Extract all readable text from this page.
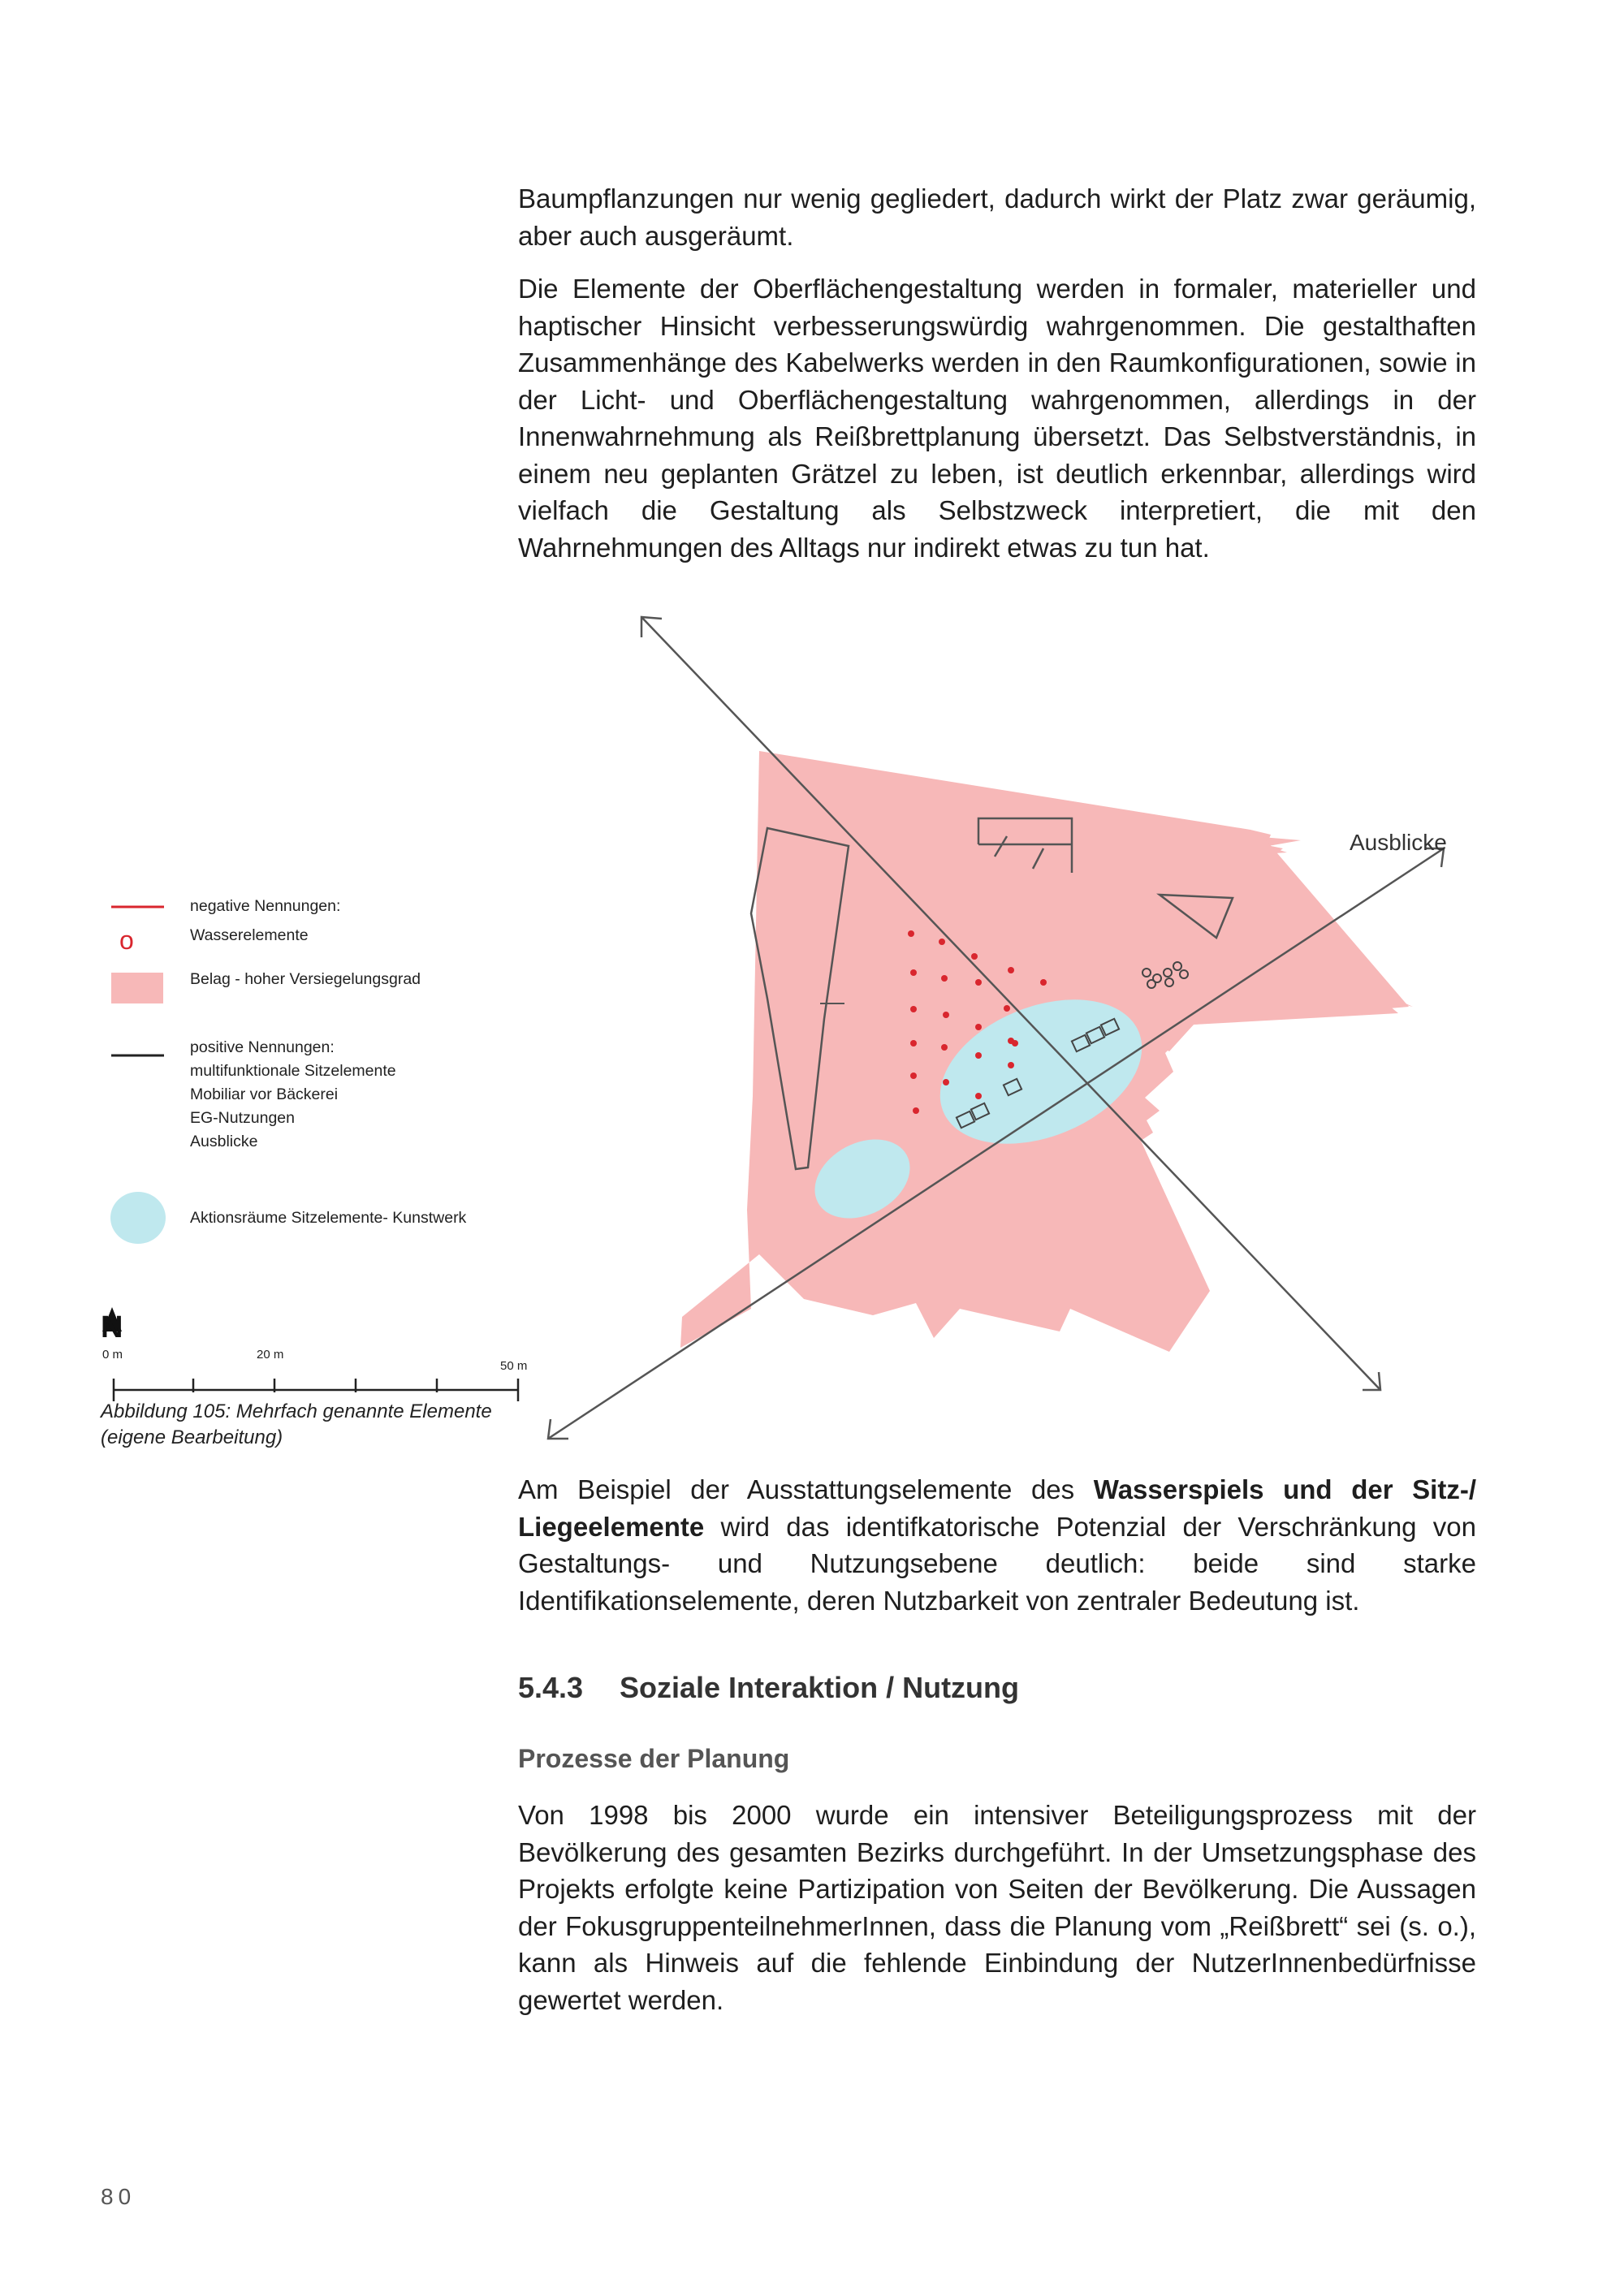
Baumpflanzungen nur wenig gegliedert, dadurch wirkt der Platz zwar geräumig, aber auch ausgeräumt.

Die Elemente der Oberflächengestaltung werden in formaler, materieller und haptischer Hinsicht verbesserungswürdig wahrgenommen. Die gestalthaften Zusammenhänge des Kabelwerks werden in den Raumkonfigurationen, sowie in der Licht- und Oberflächengestaltung wahrgenommen, allerdings in der Innenwahrnehmung als Reißbrettplanung übersetzt. Das Selbstverständnis, in einem neu geplanten Grätzel zu leben, ist deutlich erkennbar, allerdings wird vielfach die Gestaltung als Selbstzweck interpretiert, die mit den Wahrnehmungen des Alltags nur indirekt etwas zu tun hat.

Ausblicke
negative Nennungen:
o	Wasserelemente
Belag - hoher Versiegelungsgrad
positive Nennungen:
multifunktionale Sitzelemente
Mobiliar vor Bäckerei
EG-Nutzungen
Ausblicke
Aktionsräume Sitzelemente- Kunstwerk
N
0 m	20 m
50 m
Abbildung 105: Mehrfach genannte Elemente
(eigene Bearbeitung)

Am Beispiel der Ausstattungselemente des Wasserspiels und der Sitz-/ Liegeelemente wird das identifkatorische Potenzial der Verschränkung von Gestaltungs- und Nutzungsebene deutlich: beide sind starke Identifikationselemente, deren Nutzbarkeit von zentraler Bedeutung ist.

5.4.3 Soziale Interaktion / Nutzung
Prozesse der Planung

Von 1998 bis 2000 wurde ein intensiver Beteiligungsprozess mit der Bevölkerung des gesamten Bezirks durchgeführt. In der Umsetzungsphase des Projekts erfolgte keine Partizipation von Seiten der Bevölkerung. Die Aussagen der FokusgruppenteilnehmerInnen, dass die Planung vom „Reißbrett“ sei (s. o.), kann als Hinweis auf die fehlende Einbindung der NutzerInnenbedürfnisse gewertet werden.

80
